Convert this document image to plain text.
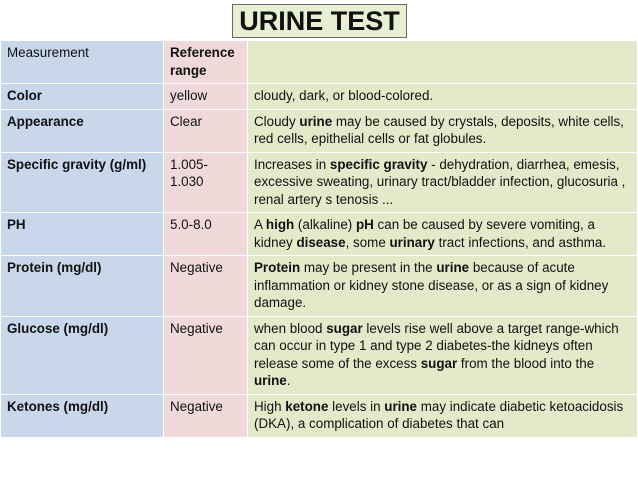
URINE TEST
Measurement	Reference range	
Color	yellow	cloudy, dark, or blood-colored.
Appearance	Clear	Cloudy urine may be caused by crystals, deposits, white cells, red cells, epithelial cells or fat globules.
Specific gravity (g/ml)	1.005-1.030	Increases in specific gravity - dehydration, diarrhea, emesis, excessive sweating, urinary tract/bladder infection, glucosuria , renal artery s tenosis ...
PH	5.0-8.0	A high (alkaline) pH can be caused by severe vomiting, a kidney disease, some urinary tract infections, and asthma.
Protein (mg/dl)	Negative	Protein may be present in the urine because of acute inflammation or kidney stone disease, or as a sign of kidney damage.
Glucose (mg/dl)	Negative	when blood sugar levels rise well above a target range-which can occur in type 1 and type 2 diabetes-the kidneys often release some of the excess sugar from the blood into the urine.
Ketones (mg/dl)	Negative	High ketone levels in urine may indicate diabetic ketoacidosis (DKA), a complication of diabetes that can
